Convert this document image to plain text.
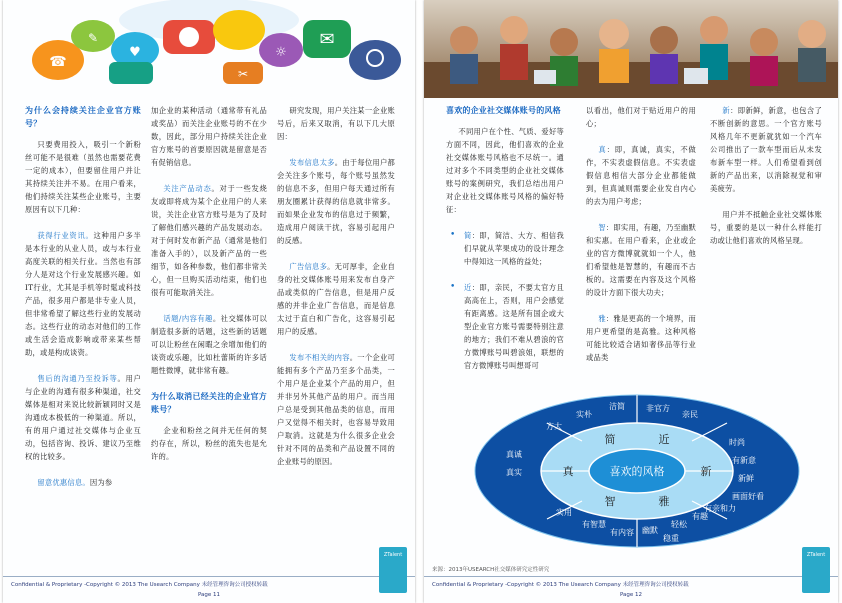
✉
✂
☎
♥	☼
✎
为什么会持续关注企业官方账号？

只要费用投入，吸引一个新粉丝可能不是很难（虽然也需要花费一定的成本），但要留住用户并让其持续关注并不易。在用户看来，他们持续关注某些企业账号，主要原因有以下几种：

获得行业资讯。这种用户多半是本行业的从业人员，或与本行业高度关联的相关行业。当然也有部分人是对这个行业发展感兴趣。如IT行业，尤其是手机等时髦或科技产品，很多用户都是非专业人员，但非常希望了解这些行业的发展动态。这些行业的动态对他们的工作或生活会造成影响或带来某些帮助，或是构成谈资。

售后的沟通乃至投诉等。用户与企业的沟通有很多种渠道，社交媒体是相对来说比较新颖同时又是沟通成本极低的一种渠道。所以，有的用户通过社交媒体与企业互动，包括咨询、投诉、建议乃至维权的比较多。

留意优惠信息。因为参

加企业的某种活动（通常带有礼品或奖品）而关注企业账号的不在少数，因此，部分用户持续关注企业官方账号的首要原因就是留意是否有促销信息。

关注产品动态。对于一些发烧友或即将成为某个企业用户的人来说，关注企业官方账号是为了及时了解他们感兴趣的产品发展动态。对于何时发布新产品（通常是他们准备入手的），以及新产品的一些细节，如各种参数，他们都非常关心，但一旦购买活动结束，他们也很有可能取消关注。

话题/内容有趣。社交媒体可以制造很多新的话题，这些新的话题可以让粉丝在闲暇之余增加他们的谈资或乐趣，比如杜蕾斯的许多话题性微博，就非常有趣。

为什么取消已经关注的企业官方账号？

企业和粉丝之间并无任何的契约存在，所以，粉丝的流失也是允许的。

研究发现，用户关注某一企业账号后，后来又取消，有以下几大原因：

发布信息太多。由于每位用户都会关注多个账号，每个账号虽然发的信息不多，但用户每天通过所有朋友圈累计获得的信息就非常多。而如果企业发布的信息过于频繁，造成用户阅读干扰，容易引起用户的反感。

广告信息多。无可厚非，企业自身的社交媒体账号用来发布自身产品或类似的广告信息，但是用户反感的并非企业广告信息，而是信息太过于直白和广告化，这容易引起用户的反感。

发布不相关的内容。一个企业可能拥有多个产品乃至多个品类，一个用户是企业某个产品的用户，但并非另外其他产品的用户。而当用户总是受到其他品类的信息，而用户又觉得不相关时，也容易导致用户取消。这就是为什么很多企业会针对不同的品类和产品设置不同的企业账号的原因。

Confidential & Proprietary -Copyright © 2013 The Usearch Company 未经管理咨询公司授权转载
Page 11
ZTalent
喜欢的企业社交媒体账号的风格

不同用户在个性、气质、爱好等方面不同，因此，他们喜欢的企业社交媒体账号风格也不尽统一。通过对多个不同类型的企业社交媒体账号的案例研究，我们总结出用户对企业社交媒体账号风格的偏好特征：

• 简：即，简洁、大方、相信我们早就从苹果成功的设计理念中得知这一风格的益处；

• 近：即，亲民，不要太官方且高高在上，否则，用户会感觉有距离感。这是所有国企或大型企业官方账号需要特别注意的地方；我们不难从碧浪的官方微博账号叫碧浪姐，联想的官方微博账号叫想哥可

以看出，他们对于贴近用户的用心；

真：即，真诚，真实，不做作，不实表虚假信息。不实表虚假信息相信大部分企业都能做到，但真诚则需要企业发自内心的去为用户考虑；

智：即实用，有趣，乃至幽默和实惠。在用户看来，企业或企业的官方微博就就如一个人，他们希望他是智慧的，有趣而不古板的。这需要在内容及这个风格的设计方面下很大功夫；

雅：雅是更高的一个境界，而用户更希望的是高雅。这种风格可能比较适合诸如奢侈品等行业或品类

新：即新鲜，新意，也包含了不断创新的意思。一个官方账号风格几年不更新就犹如一个汽车公司推出了一款车型而后从未发布新车型一样。人们希望看到创新的产品出来，以消除视觉和审美疲劳。

用户并不抵触企业社交媒体账号，重要的是以一种什么样能打动或让他们喜欢的风格呈现。

喜欢的风格
简	近
真	新
智	雅
方大
实朴
洁简	非官方
亲民
时尚
有新意
新鲜
画面好看
幽默
轻松
有趣
有亲和力
稳重
实用
有智慧
有内容
真诚
真实
来源：2013年USEARCH社交媒体研究定性研究
Confidential & Proprietary -Copyright © 2013 The Usearch Company 未经管理咨询公司授权转载
Page 12
ZTalent
